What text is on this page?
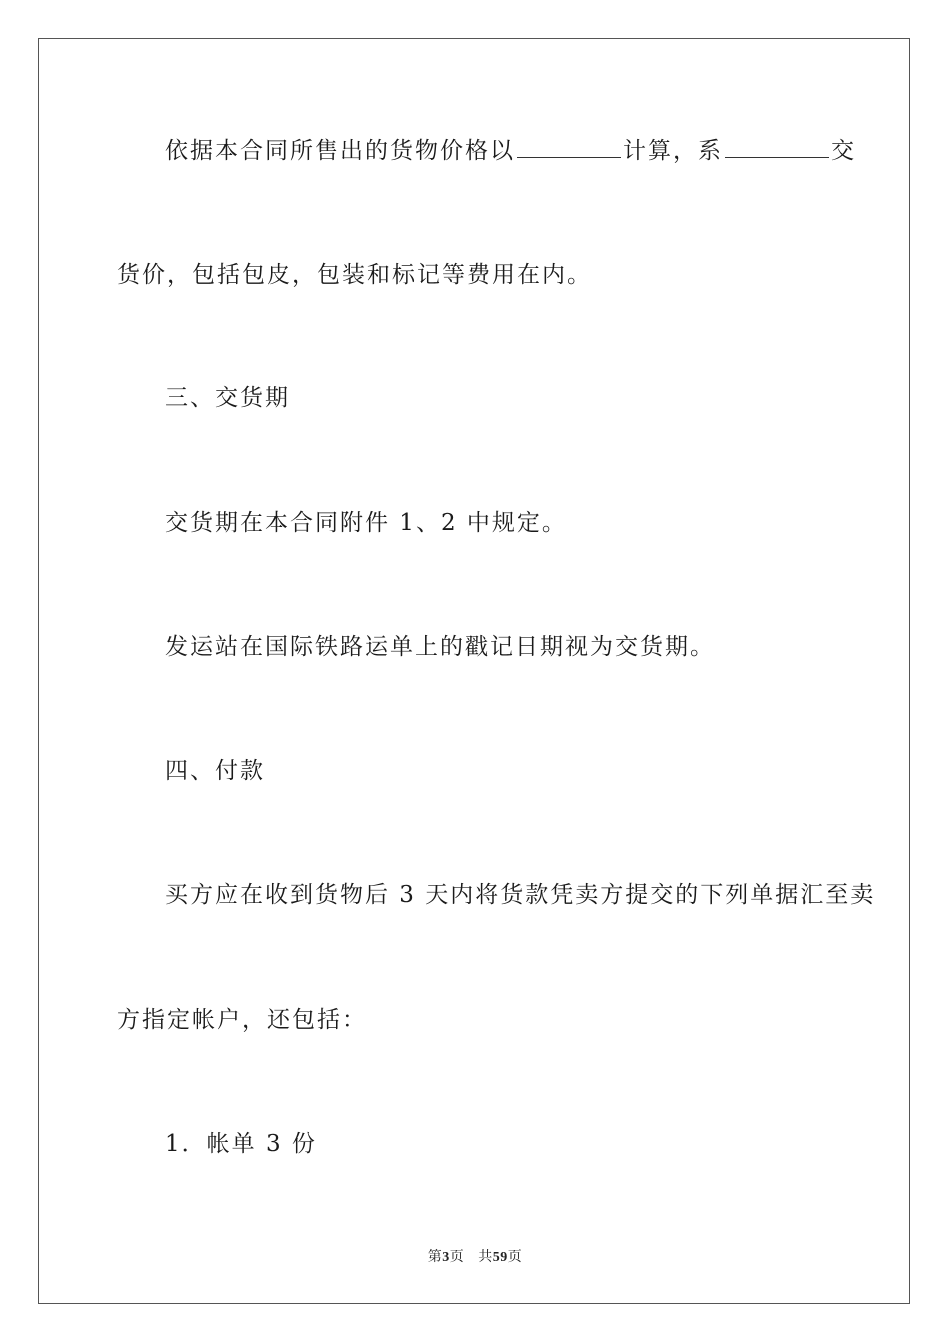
依据本合同所售出的货物价格以	计算，系	交
货价，包括包皮，包装和标记等费用在内。
三、交货期
交货期在本合同附件 1、2 中规定。
发运站在国际铁路运单上的戳记日期视为交货期。
四、付款
买方应在收到货物后 3 天内将货款凭卖方提交的下列单据汇至卖
方指定帐户，还包括：
1．帐单 3 份
第3页 共59页
